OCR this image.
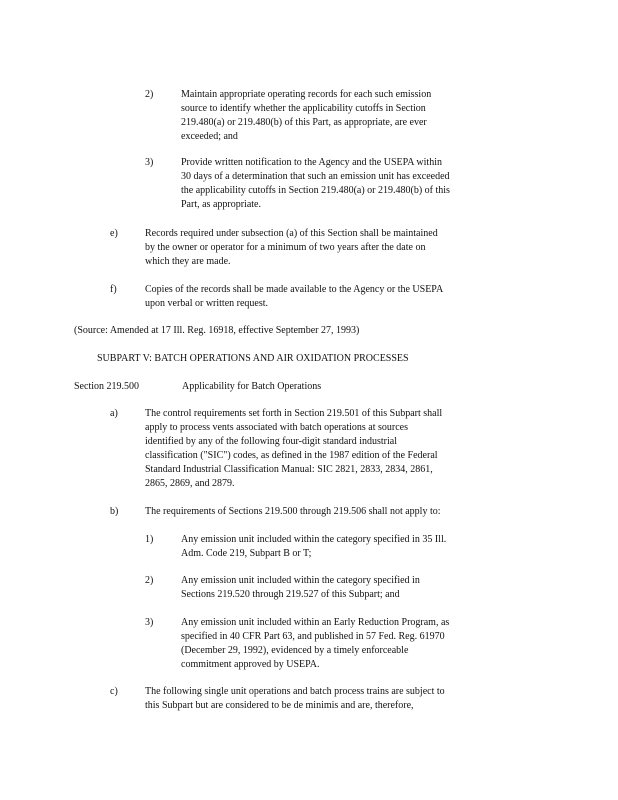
2)	Maintain appropriate operating records for each such emission
source to identify whether the applicability cutoffs in Section
219.480(a) or 219.480(b) of this Part, as appropriate, are ever
exceeded; and
3)	Provide written notification to the Agency and the USEPA within
30 days of a determination that such an emission unit has exceeded
the applicability cutoffs in Section 219.480(a) or 219.480(b) of this
Part, as appropriate.
e)	Records required under subsection (a) of this Section shall be maintained
by the owner or operator for a minimum of two years after the date on
which they are made.
f)	Copies of the records shall be made available to the Agency or the USEPA
upon verbal or written request.
(Source: Amended at 17 Ill. Reg. 16918, effective September 27, 1993)
SUBPART V: BATCH OPERATIONS AND AIR OXIDATION PROCESSES
Section 219.500	Applicability for Batch Operations
a)	The control requirements set forth in Section 219.501 of this Subpart shall
apply to process vents associated with batch operations at sources
identified by any of the following four-digit standard industrial
classification ("SIC") codes, as defined in the 1987 edition of the Federal
Standard Industrial Classification Manual: SIC 2821, 2833, 2834, 2861,
2865, 2869, and 2879.
b)	The requirements of Sections 219.500 through 219.506 shall not apply to:
1)	Any emission unit included within the category specified in 35 Ill.
Adm. Code 219, Subpart B or T;
2)	Any emission unit included within the category specified in
Sections 219.520 through 219.527 of this Subpart; and
3)	Any emission unit included within an Early Reduction Program, as
specified in 40 CFR Part 63, and published in 57 Fed. Reg. 61970
(December 29, 1992), evidenced by a timely enforceable
commitment approved by USEPA.
c)	The following single unit operations and batch process trains are subject to
this Subpart but are considered to be de minimis and are, therefore,
